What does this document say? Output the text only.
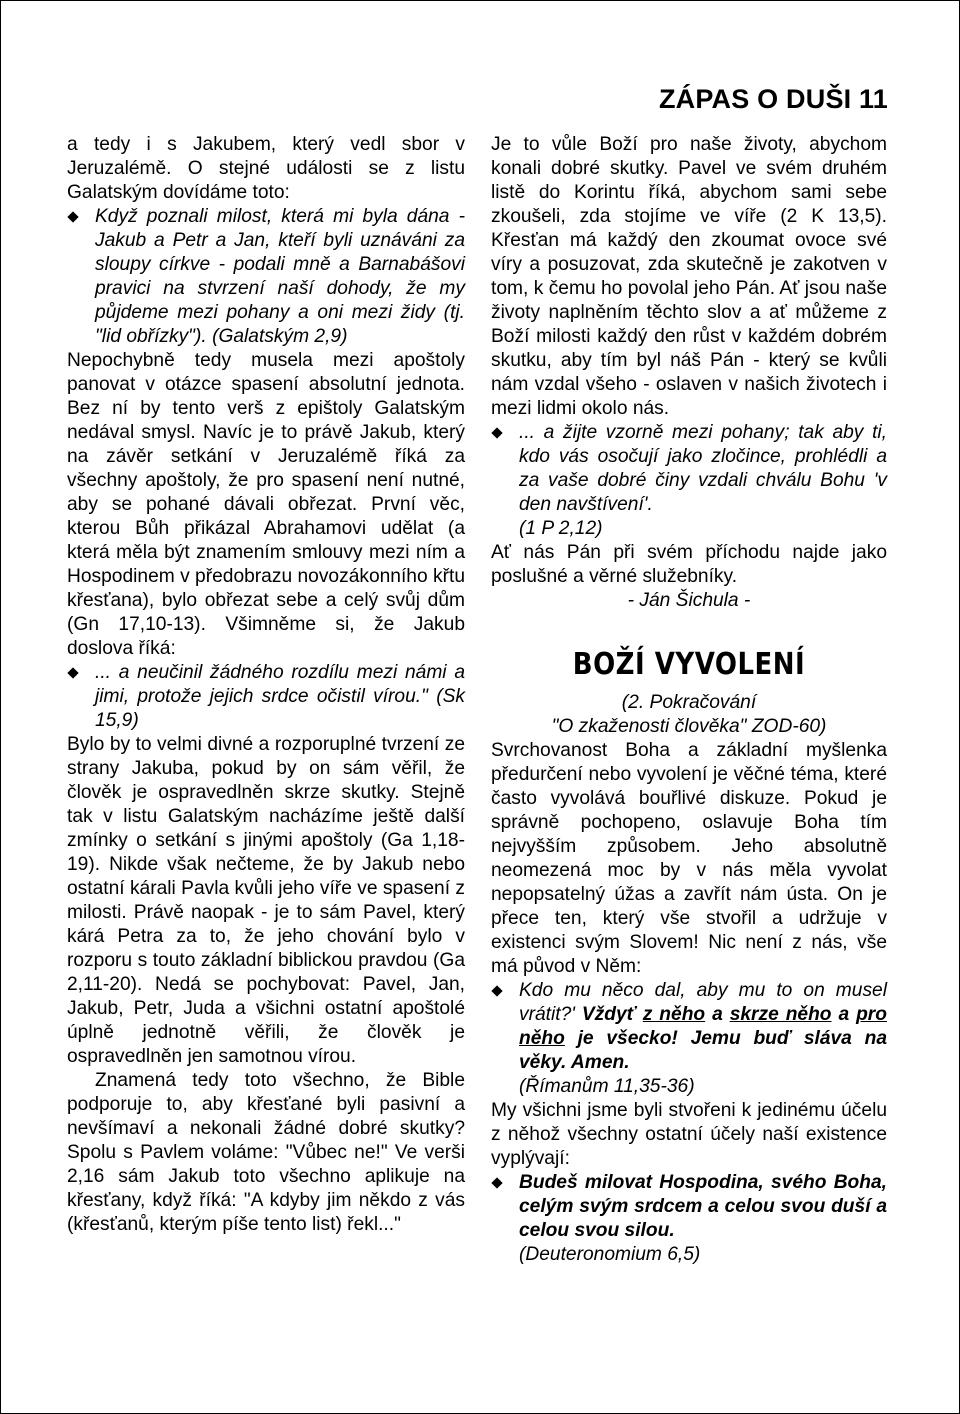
ZÁPAS O DUŠI 11

a tedy i s Jakubem, který vedl sbor v Jeruzalémě. O stejné události se z listu Galatským dovídáme toto:

Když poznali milost, která mi byla dána - Jakub a Petr a Jan, kteří byli uznáváni za sloupy církve - podali mně a Barnabášovi pravici na stvrzení naší dohody, že my půjdeme mezi pohany a oni mezi židy (tj. "lid obřízky"). (Galatským 2,9)

Nepochybně tedy musela mezi apoštoly panovat v otázce spasení absolutní jednota. Bez ní by tento verš z epištoly Galatským nedával smysl. Navíc je to právě Jakub, který na závěr setkání v Jeruzalémě říká za všechny apoštoly, že pro spasení není nutné, aby se pohané dávali obřezat. První věc, kterou Bůh přikázal Abrahamovi udělat (a která měla být znamením smlouvy mezi ním a Hospodinem v předobrazu novozákonního křtu křesťana), bylo obřezat sebe a celý svůj dům (Gn 17,10-13). Všimněme si, že Jakub doslova říká:

... a neučinil žádného rozdílu mezi námi a jimi, protože jejich srdce očistil vírou." (Sk 15,9)

Bylo by to velmi divné a rozporuplné tvrzení ze strany Jakuba, pokud by on sám věřil, že člověk je ospravedlněn skrze skutky. Stejně tak v listu Galatským nacházíme ještě další zmínky o setkání s jinými apoštoly (Ga 1,18-19). Nikde však nečteme, že by Jakub nebo ostatní kárali Pavla kvůli jeho víře ve spasení z milosti. Právě naopak - je to sám Pavel, který kárá Petra za to, že jeho chování bylo v rozporu s touto základní biblickou pravdou (Ga 2,11-20). Nedá se pochybovat: Pavel, Jan, Jakub, Petr, Juda a všichni ostatní apoštolé úplně jednotně věřili, že člověk je ospravedlněn jen samotnou vírou.

Znamená tedy toto všechno, že Bible podporuje to, aby křesťané byli pasivní a nevšímaví a nekonali žádné dobré skutky? Spolu s Pavlem voláme: "Vůbec ne!" Ve verši 2,16 sám Jakub toto všechno aplikuje na křesťany, když říká: "A kdyby jim někdo z vás (křesťanů, kterým píše tento list) řekl..."

Je to vůle Boží pro naše životy, abychom konali dobré skutky. Pavel ve svém druhém listě do Korintu říká, abychom sami sebe zkoušeli, zda stojíme ve víře (2 K 13,5). Křesťan má každý den zkoumat ovoce své víry a posuzovat, zda skutečně je zakotven v tom, k čemu ho povolal jeho Pán. Ať jsou naše životy naplněním těchto slov a ať můžeme z Boží milosti každý den růst v každém dobrém skutku, aby tím byl náš Pán - který se kvůli nám vzdal všeho - oslaven v našich životech i mezi lidmi okolo nás.

... a žijte vzorně mezi pohany; tak aby ti, kdo vás osočují jako zločince, prohlédli a za vaše dobré činy vzdali chválu Bohu 'v den navštívení'.

(1 P 2,12)

Ať nás Pán při svém příchodu najde jako poslušné a věrné služebníky.

- Ján Šichula -

BOŽÍ VYVOLENÍ

(2. Pokračování

"O zkaženosti člověka" ZOD-60)

Svrchovanost Boha a základní myšlenka předurčení nebo vyvolení je věčné téma, které často vyvolává bouřlivé diskuze. Pokud je správně pochopeno, oslavuje Boha tím nejvyšším způsobem. Jeho absolutně neomezená moc by v nás měla vyvolat nepopsatelný úžas a zavřít nám ústa. On je přece ten, který vše stvořil a udržuje v existenci svým Slovem! Nic není z nás, vše má původ v Něm:

Kdo mu něco dal, aby mu to on musel vrátit?' Vždyť z něho a skrze něho a pro něho je všecko! Jemu buď sláva na věky. Amen.
(Římanům 11,35-36)

My všichni jsme byli stvořeni k jedinému účelu z něhož všechny ostatní účely naší existence vyplývají:

Budeš milovat Hospodina, svého Boha, celým svým srdcem a celou svou duší a celou svou silou.
(Deuteronomium 6,5)
